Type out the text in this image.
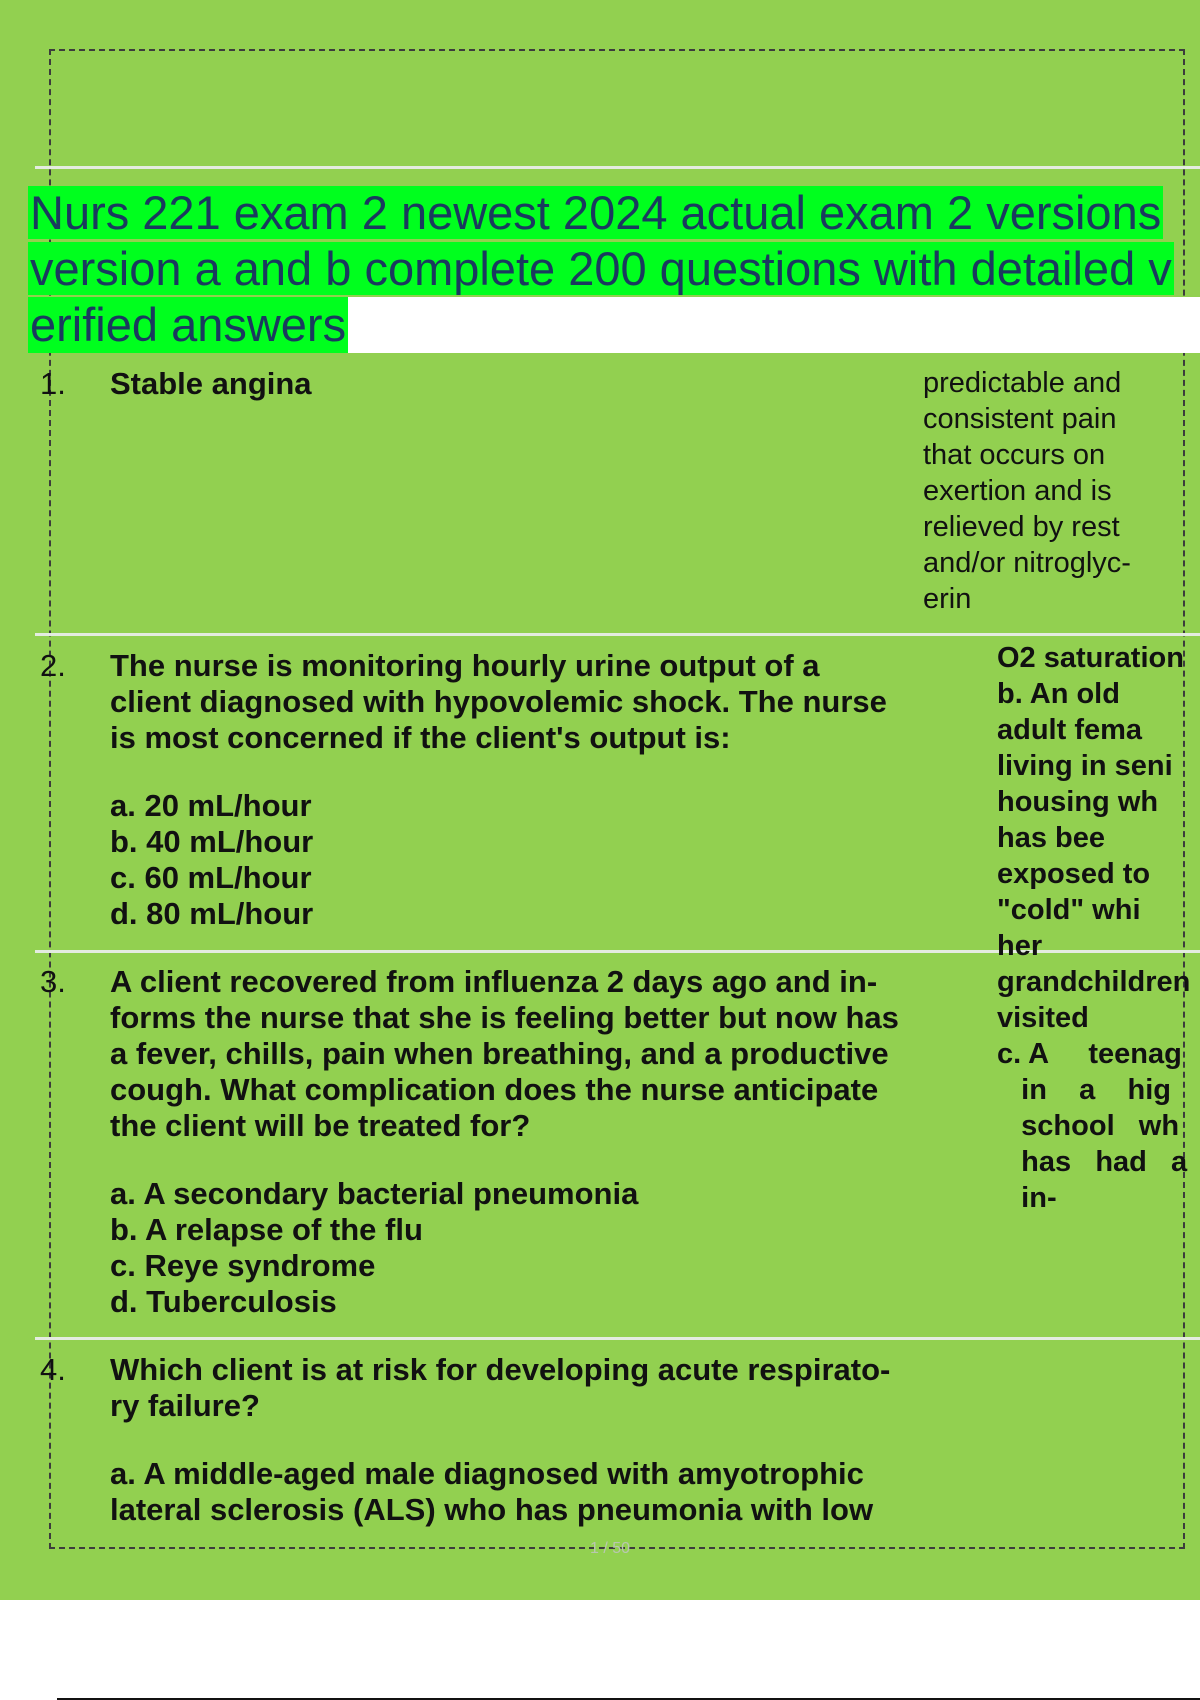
Nurs 221 exam 2 newest 2024 actual exam 2 versions
version a and b complete 200 questions with detailed v
erified answers
1. Stable angina	predictable and
consistent pain
that occurs on
exertion and is
relieved by rest
and/or nitroglyc-
erin
2. The nurse is monitoring hourly urine output of a
client diagnosed with hypovolemic shock. The nurse
is most concerned if the client's output is:
a. 20 mL/hour
b. 40 mL/hour
c. 60 mL/hour
d. 80 mL/hour
3. A client recovered from influenza 2 days ago and in-
forms the nurse that she is feeling better but now has
a fever, chills, pain when breathing, and a productive
cough. What complication does the nurse anticipate
the client will be treated for?
a. A secondary bacterial pneumonia
b. A relapse of the flu
c. Reye syndrome
d. Tuberculosis
4. Which client is at risk for developing acute respirato-
ry failure?
a. A middle-aged male diagnosed with amyotrophic
lateral sclerosis (ALS) who has pneumonia with low
O2 saturation
b. An old
adult fema
living in seni
housing wh
has bee
exposed to
"cold" whi
her
grandchildren
visited
c. A     teenag
in    a    hig
school   wh
has   had   a
in-
1 / 50
